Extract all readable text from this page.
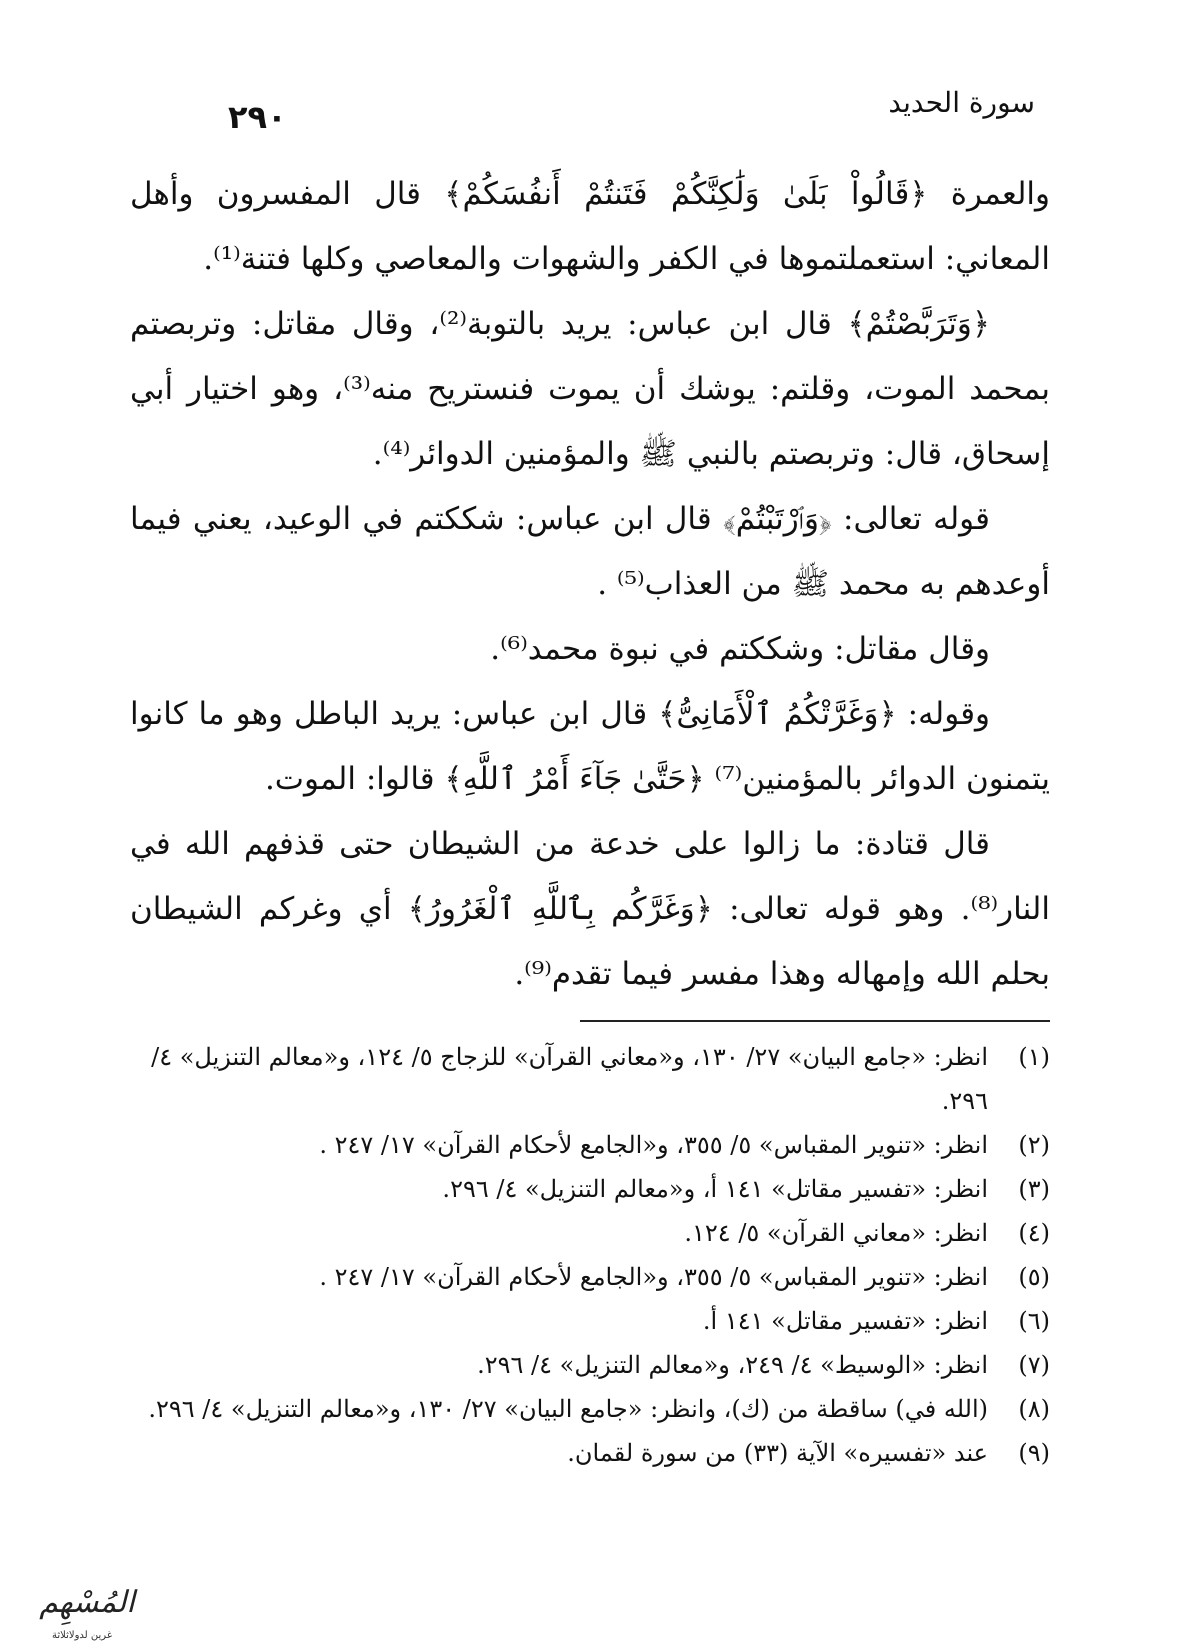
٢٩٠	سورة الحديد

والعمرة ﴿قَالُواْ بَلَىٰ وَلَٰكِنَّكُمْ فَتَنتُمْ أَنفُسَكُمْ﴾ قال المفسرون وأهل المعاني: استعملتموها في الكفر والشهوات والمعاصي وكلها فتنة⁽¹⁾.

﴿وَتَرَبَّصْتُمْ﴾ قال ابن عباس: يريد بالتوبة⁽²⁾، وقال مقاتل: وتربصتم بمحمد الموت، وقلتم: يوشك أن يموت فنستريح منه⁽³⁾، وهو اختيار أبي إسحاق، قال: وتربصتم بالنبي ﷺ والمؤمنين الدوائر⁽⁴⁾.

قوله تعالى: ﴿وَٱرْتَبْتُمْ﴾ قال ابن عباس: شككتم في الوعيد، يعني فيما أوعدهم به محمد ﷺ من العذاب⁽⁵⁾ .

وقال مقاتل: وشككتم في نبوة محمد⁽⁶⁾.

وقوله: ﴿وَغَرَّتْكُمُ ٱلْأَمَانِىُّ﴾ قال ابن عباس: يريد الباطل وهو ما كانوا يتمنون الدوائر بالمؤمنين⁽⁷⁾ ﴿حَتَّىٰ جَآءَ أَمْرُ ٱللَّهِ﴾ قالوا: الموت.

قال قتادة: ما زالوا على خدعة من الشيطان حتى قذفهم الله في النار⁽⁸⁾. وهو قوله تعالى: ﴿وَغَرَّكُم بِٱللَّهِ ٱلْغَرُورُ﴾ أي وغركم الشيطان بحلم الله وإمهاله وهذا مفسر فيما تقدم⁽⁹⁾.

(١)
انظر: «جامع البيان» ٢٧/ ١٣٠، و«معاني القرآن» للزجاج ٥/ ١٢٤، و«معالم التنزيل» ٤/ ٢٩٦.
(٢)
انظر: «تنوير المقباس» ٥/ ٣٥٥، و«الجامع لأحكام القرآن» ١٧/ ٢٤٧ .
(٣)
انظر: «تفسير مقاتل» ١٤١ أ، و«معالم التنزيل» ٤/ ٢٩٦.
(٤)
انظر: «معاني القرآن» ٥/ ١٢٤.
(٥)
انظر: «تنوير المقباس» ٥/ ٣٥٥، و«الجامع لأحكام القرآن» ١٧/ ٢٤٧ .
(٦)
انظر: «تفسير مقاتل» ١٤١ أ.
(٧)
انظر: «الوسيط» ٤/ ٢٤٩، و«معالم التنزيل» ٤/ ٢٩٦.
(٨)
(الله في) ساقطة من (ك)، وانظر: «جامع البيان» ٢٧/ ١٣٠، و«معالم التنزيل» ٤/ ٢٩٦.
(٩)
عند «تفسيره» الآية (٣٣) من سورة لقمان.
المُسْهِم
غرين لدولاثلاثة
